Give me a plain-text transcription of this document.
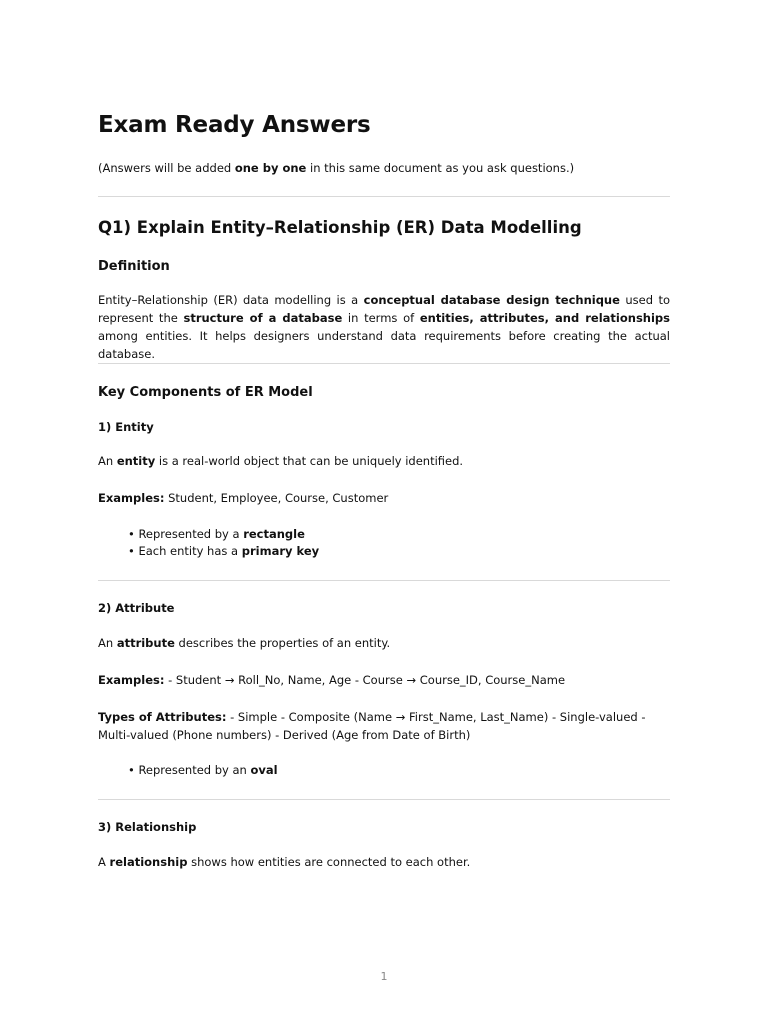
Exam Ready Answers

(Answers will be added one by one in this same document as you ask questions.)

Q1) Explain Entity–Relationship (ER) Data Modelling
Definition

Entity–Relationship (ER) data modelling is a conceptual database design technique used to represent the structure of a database in terms of entities, attributes, and relationships among entities. It helps designers understand data requirements before creating the actual database.

Key Components of ER Model
1) Entity

An entity is a real-world object that can be uniquely identified.

Examples: Student, Employee, Course, Customer

• Represented by a rectangle

• Each entity has a primary key

2) Attribute

An attribute describes the properties of an entity.

Examples: - Student → Roll_No, Name, Age - Course → Course_ID, Course_Name

Types of Attributes: - Simple - Composite (Name → First_Name, Last_Name) - Single-valued - Multi-valued (Phone numbers) - Derived (Age from Date of Birth)

• Represented by an oval

3) Relationship

A relationship shows how entities are connected to each other.

1
